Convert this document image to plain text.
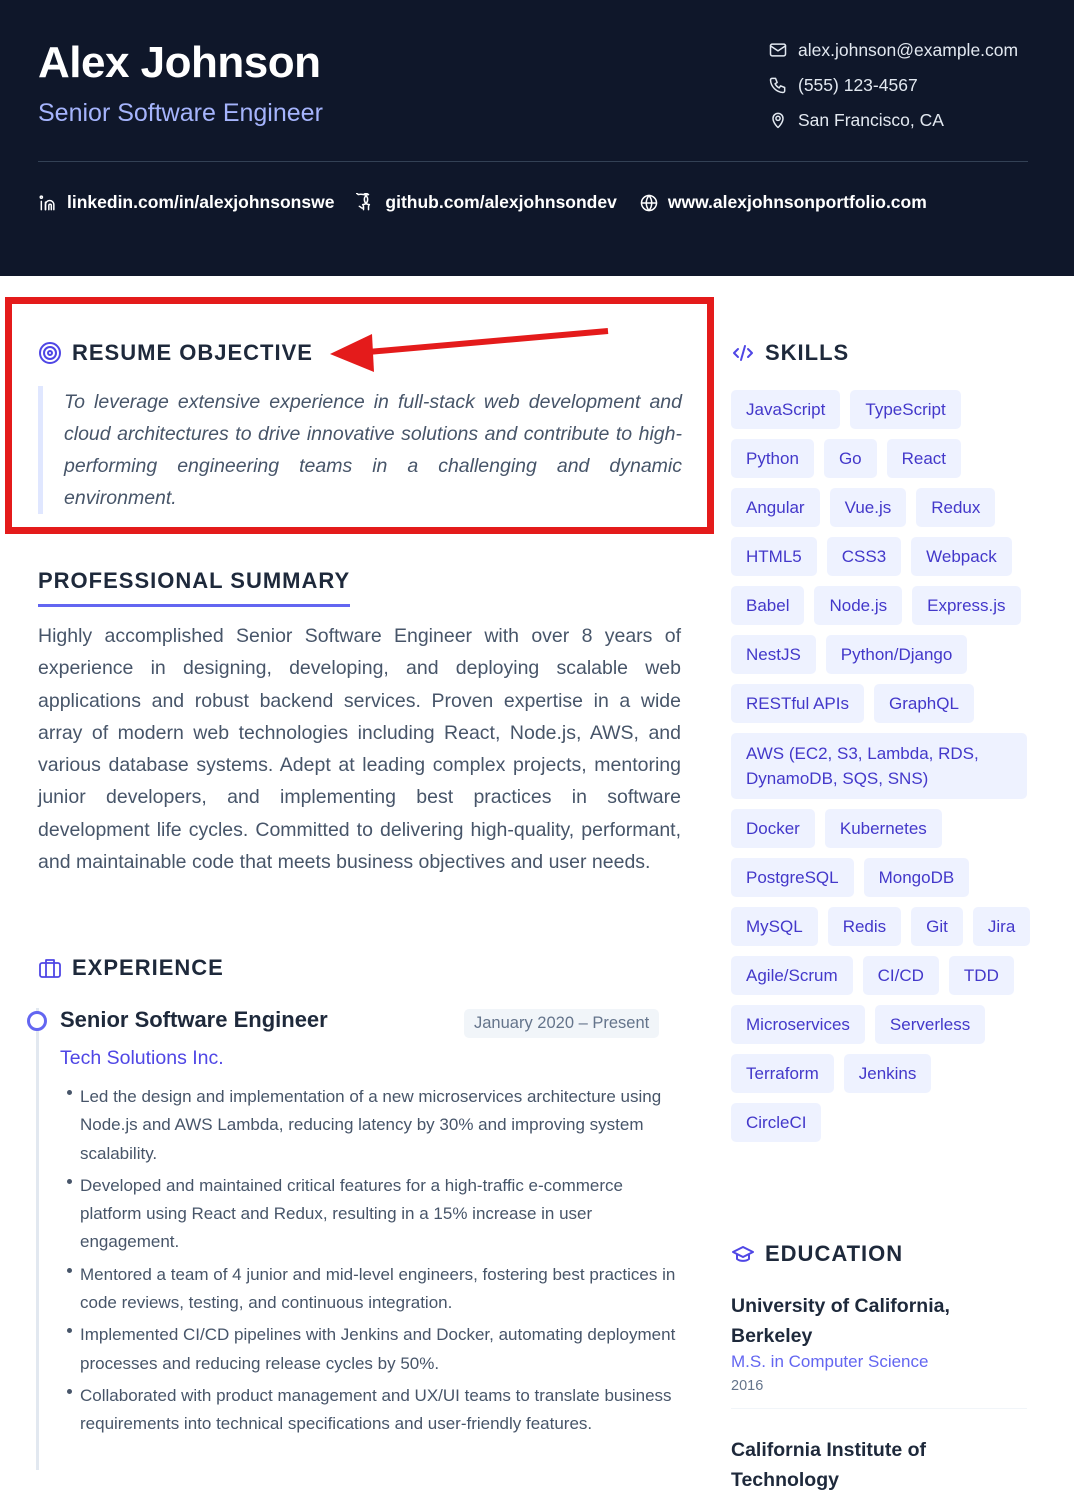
Alex Johnson
Senior Software Engineer
alex.johnson@example.com
(555) 123-4567
San Francisco, CA
linkedin.com/in/alexjohnsonswe	github.com/alexjohnsondev	www.alexjohnsonportfolio.com
RESUME OBJECTIVE

To leverage extensive experience in full-stack web development and cloud architectures to drive innovative solutions and contribute to high-performing engineering teams in a challenging and dynamic environment.

PROFESSIONAL SUMMARY

Highly accomplished Senior Software Engineer with over 8 years of experience in designing, developing, and deploying scalable web applications and robust backend services. Proven expertise in a wide array of modern web technologies including React, Node.js, AWS, and various database systems. Adept at leading complex projects, mentoring junior developers, and implementing best practices in software development life cycles. Committed to delivering high-quality, performant, and maintainable code that meets business objectives and user needs.

EXPERIENCE
Senior Software Engineer	January 2020 – Present
Tech Solutions Inc.
Led the design and implementation of a new microservices architecture using Node.js and AWS Lambda, reducing latency by 30% and improving system scalability.
Developed and maintained critical features for a high-traffic e-commerce platform using React and Redux, resulting in a 15% increase in user engagement.
Mentored a team of 4 junior and mid-level engineers, fostering best practices in code reviews, testing, and continuous integration.
Implemented CI/CD pipelines with Jenkins and Docker, automating deployment processes and reducing release cycles by 50%.
Collaborated with product management and UX/UI teams to translate business requirements into technical specifications and user-friendly features.
SKILLS
JavaScript	TypeScript
Python	Go	React
Angular	Vue.js	Redux
HTML5	CSS3	Webpack
Babel	Node.js	Express.js
NestJS	Python/Django
RESTful APIs	GraphQL
AWS (EC2, S3, Lambda, RDS, DynamoDB, SQS, SNS)
Docker	Kubernetes
PostgreSQL	MongoDB
MySQL	Redis	Git	Jira
Agile/Scrum	CI/CD	TDD
Microservices	Serverless
Terraform	Jenkins
CircleCI
EDUCATION
University of California, Berkeley
M.S. in Computer Science
2016
California Institute of Technology
